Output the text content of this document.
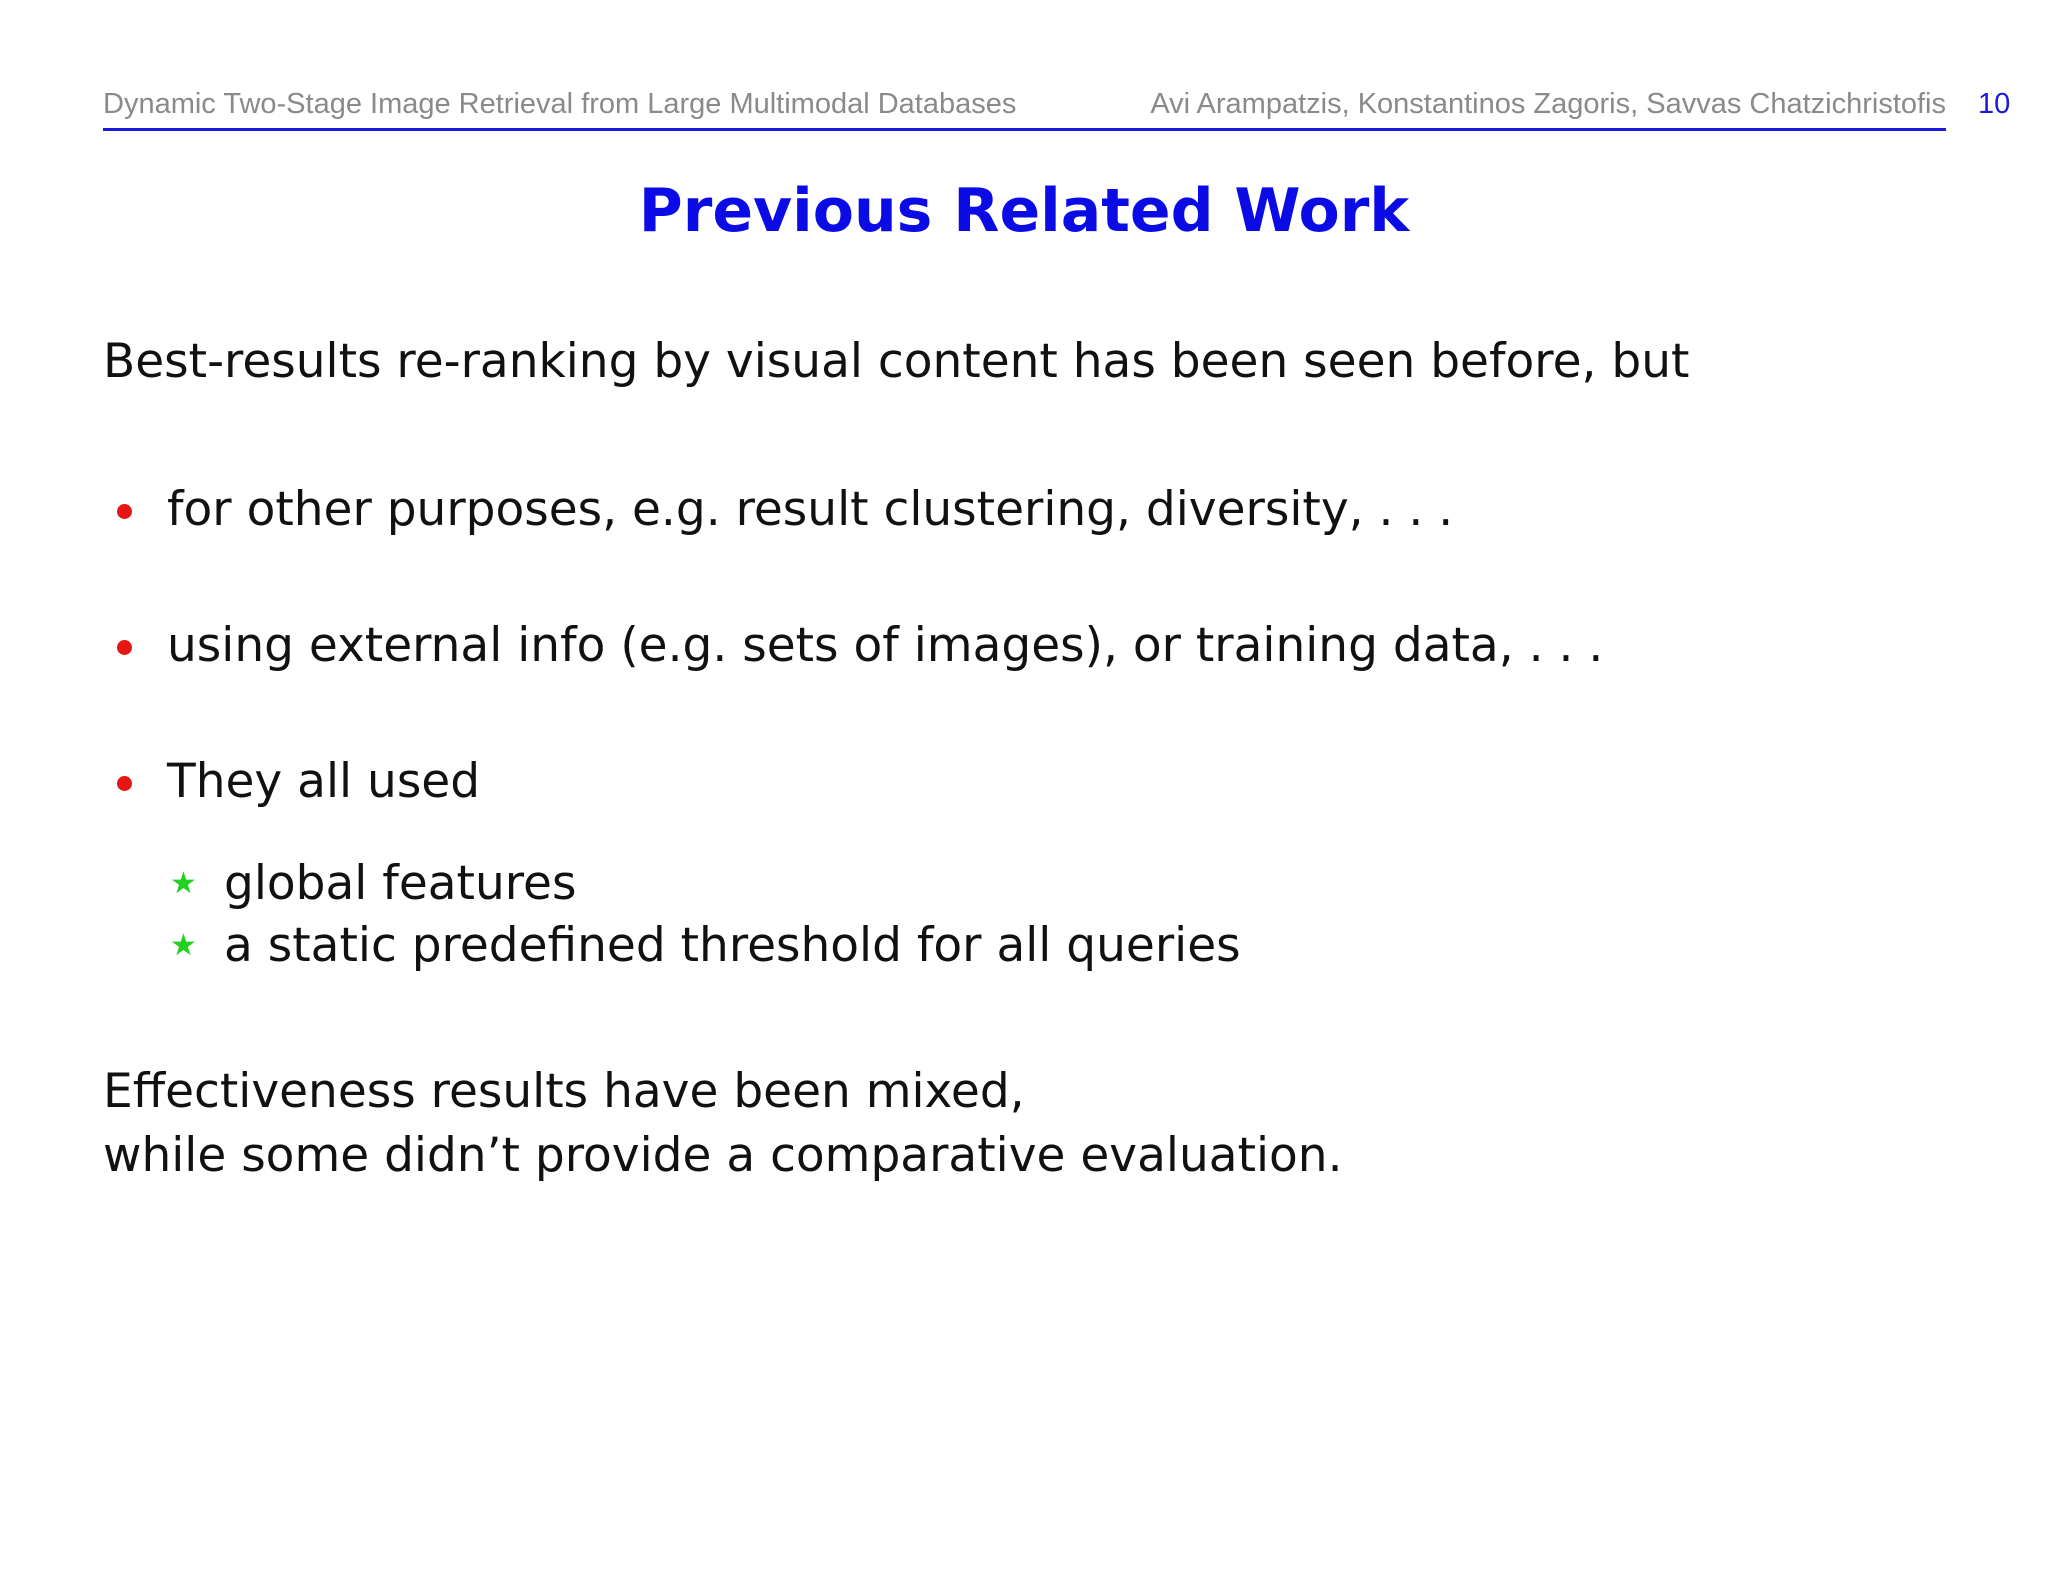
Dynamic Two-Stage Image Retrieval from Large Multimodal Databases	Avi Arampatzis, Konstantinos Zagoris, Savvas Chatzichristofis 10
Previous Related Work
Best-results re-ranking by visual content has been seen before, but
for other purposes, e.g. result clustering, diversity, . . .
using external info (e.g. sets of images), or training data, . . .
They all used
★ global features
★ a static predefined threshold for all queries
Effectiveness results have been mixed,
while some didn’t provide a comparative evaluation.
